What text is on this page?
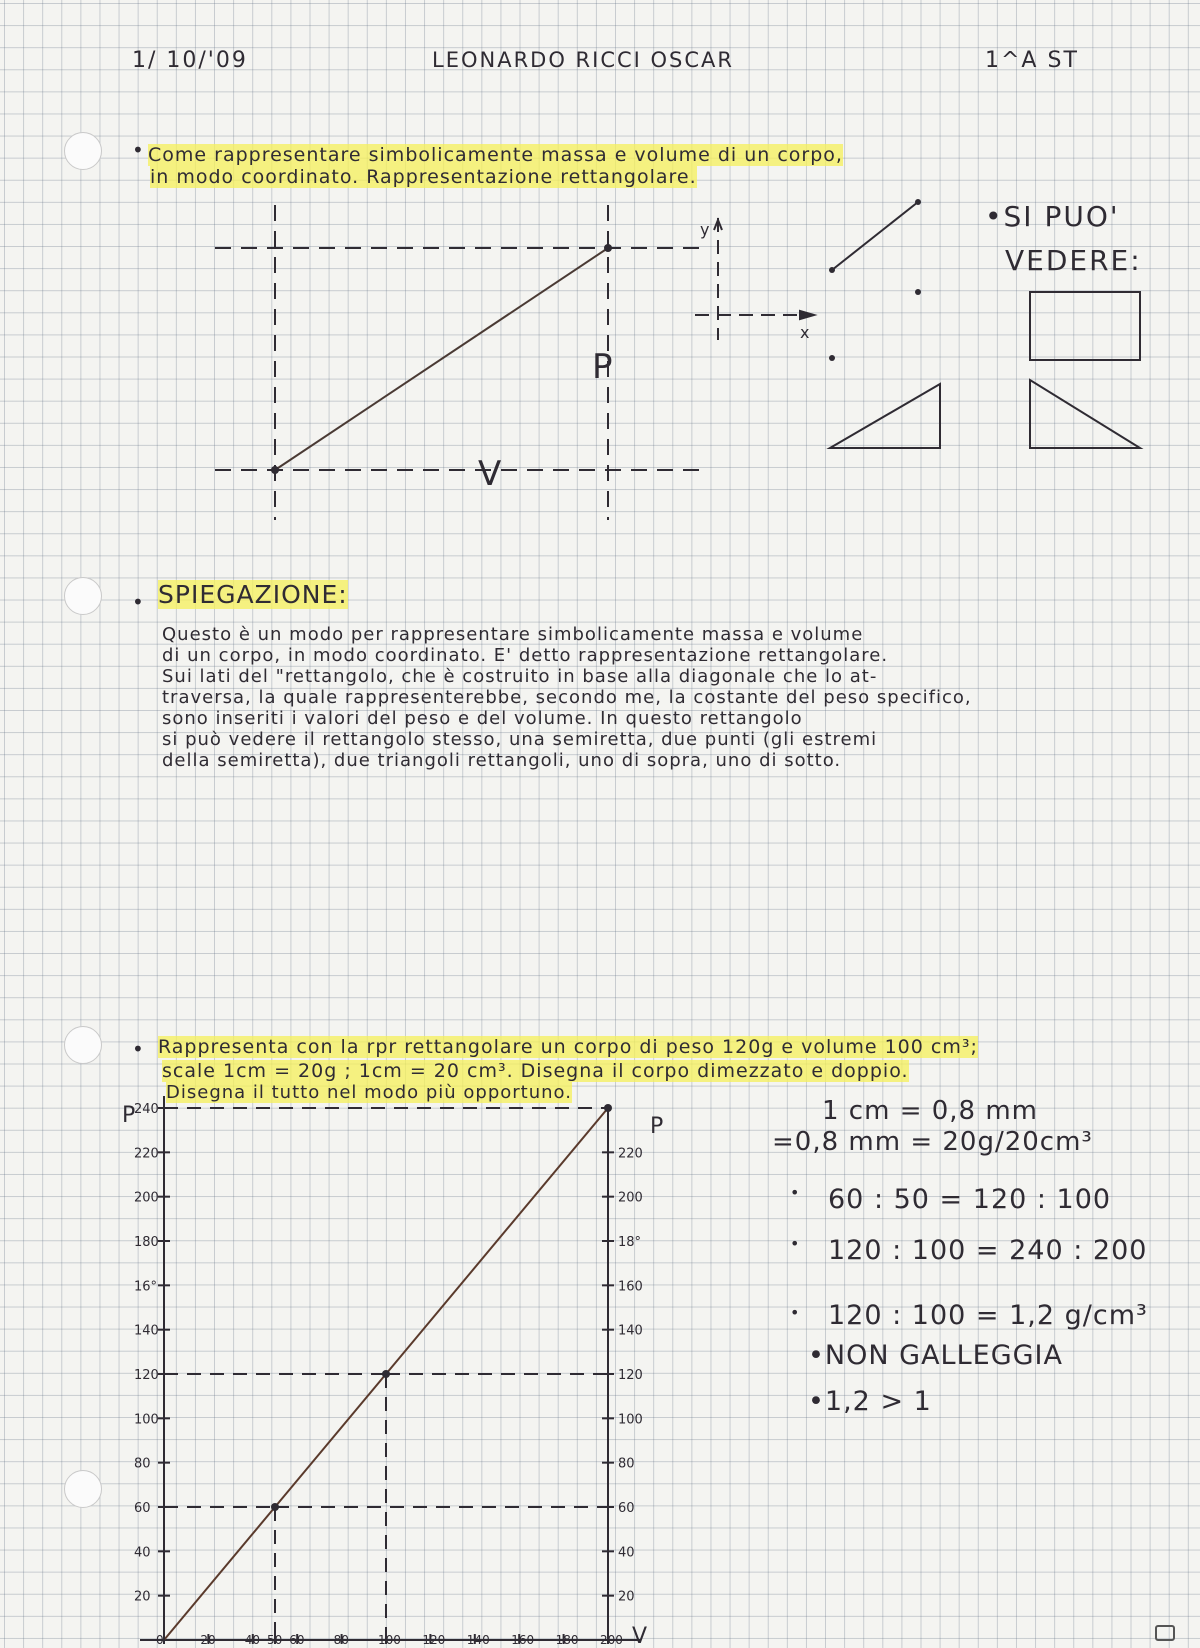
1/ 10/'09	LEONARDO RICCI OSCAR	1^A ST
• Come rappresentare simbolicamente massa e volume di un corpo,
in modo coordinato. Rappresentazione rettangolare.
P
V
y
x
•SI PUO'
VEDERE:
• SPIEGAZIONE:
Questo è un modo per rappresentare simbolicamente massa e volume
di un corpo, in modo coordinato. E' detto rappresentazione rettangolare.
Sui lati del "rettangolo, che è costruito in base alla diagonale che lo at-
traversa, la quale rappresenterebbe, secondo me, la costante del peso specifico,
sono inseriti i valori del peso e del volume. In questo rettangolo
si può vedere il rettangolo stesso, una semiretta, due punti (gli estremi
della semiretta), due triangoli rettangoli, uno di sopra, uno di sotto.
• Rappresenta con la rpr rettangolare un corpo di peso 120g e volume 100 cm³;
scale 1cm = 20g ; 1cm = 20 cm³. Disegna il corpo dimezzato e doppio.
Disegna il tutto nel modo più opportuno.
20
40
60
80
100
120
140
16°
180
200
220
240
20
40
60
80
100
120
140
160
18°
200
220
0	20 40 50 60 80 100 120 140 160 180 200
P	P
V
1 cm = 0,8 mm
=0,8 mm = 20g/20cm³
• 60 : 50 = 120 : 100
• 120 : 100 = 240 : 200
• 120 : 100 = 1,2 g/cm³
•NON GALLEGGIA
•1,2 > 1
